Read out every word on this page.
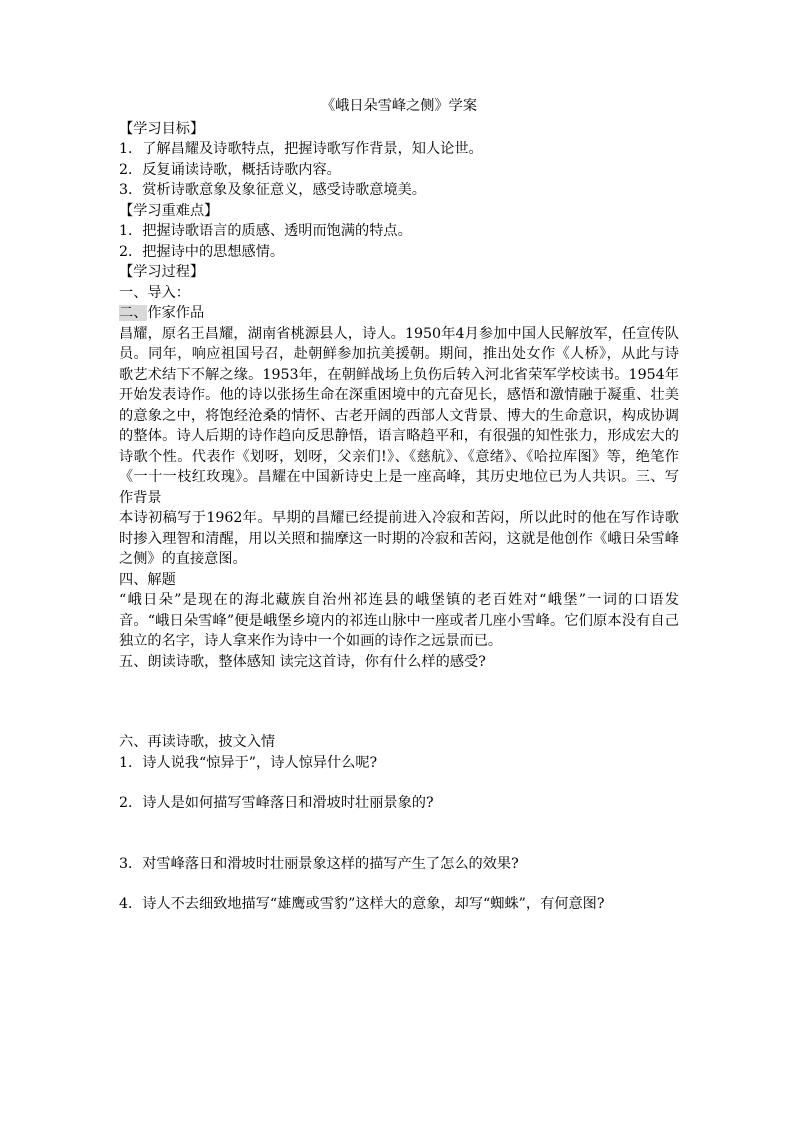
《峨日朵雪峰之侧》学案
【学习目标】
1．了解昌耀及诗歌特点，把握诗歌写作背景，知人论世。
2．反复诵读诗歌，概括诗歌内容。
3．赏析诗歌意象及象征意义，感受诗歌意境美。
【学习重难点】
1．把握诗歌语言的质感、透明而饱满的特点。
2．把握诗中的思想感情。
【学习过程】
一、导入：
二、作家作品
昌耀，原名王昌耀，湖南省桃源县人，诗人。1950年4月参加中国人民解放军，任宣传队员。同年，响应祖国号召，赴朝鲜参加抗美援朝。期间，推出处女作《人桥》，从此与诗歌艺术结下不解之缘。1953年，在朝鲜战场上负伤后转入河北省荣军学校读书。1954年开始发表诗作。他的诗以张扬生命在深重困境中的亢奋见长，感悟和激情融于凝重、壮美的意象之中，将饱经沧桑的情怀、古老开阔的西部人文背景、博大的生命意识，构成协调的整体。诗人后期的诗作趋向反思静悟，语言略趋平和，有很强的知性张力，形成宏大的诗歌个性。代表作《划呀，划呀，父亲们!》、《慈航》、《意绪》、《哈拉库图》等，绝笔作《一十一枝红玫瑰》。昌耀在中国新诗史上是一座高峰，其历史地位已为人共识。三、写作背景
本诗初稿写于1962年。早期的昌耀已经提前进入冷寂和苦闷，所以此时的他在写作诗歌时掺入理智和清醒，用以关照和揣摩这一时期的冷寂和苦闷，这就是他创作《峨日朵雪峰之侧》的直接意图。
四、解题
“峨日朵”是现在的海北藏族自治州祁连县的峨堡镇的老百姓对“峨堡”一词的口语发音。“峨日朵雪峰”便是峨堡乡境内的祁连山脉中一座或者几座小雪峰。它们原本没有自己独立的名字，诗人拿来作为诗中一个如画的诗作之远景而已。
五、朗读诗歌，整体感知 读完这首诗，你有什么样的感受?
六、再读诗歌，披文入情
1．诗人说我“惊异于”，诗人惊异什么呢?
2．诗人是如何描写雪峰落日和滑坡时壮丽景象的?
3．对雪峰落日和滑坡时壮丽景象这样的描写产生了怎么的效果?
4．诗人不去细致地描写“雄鹰或雪豹”这样大的意象，却写“蜘蛛”，有何意图?
